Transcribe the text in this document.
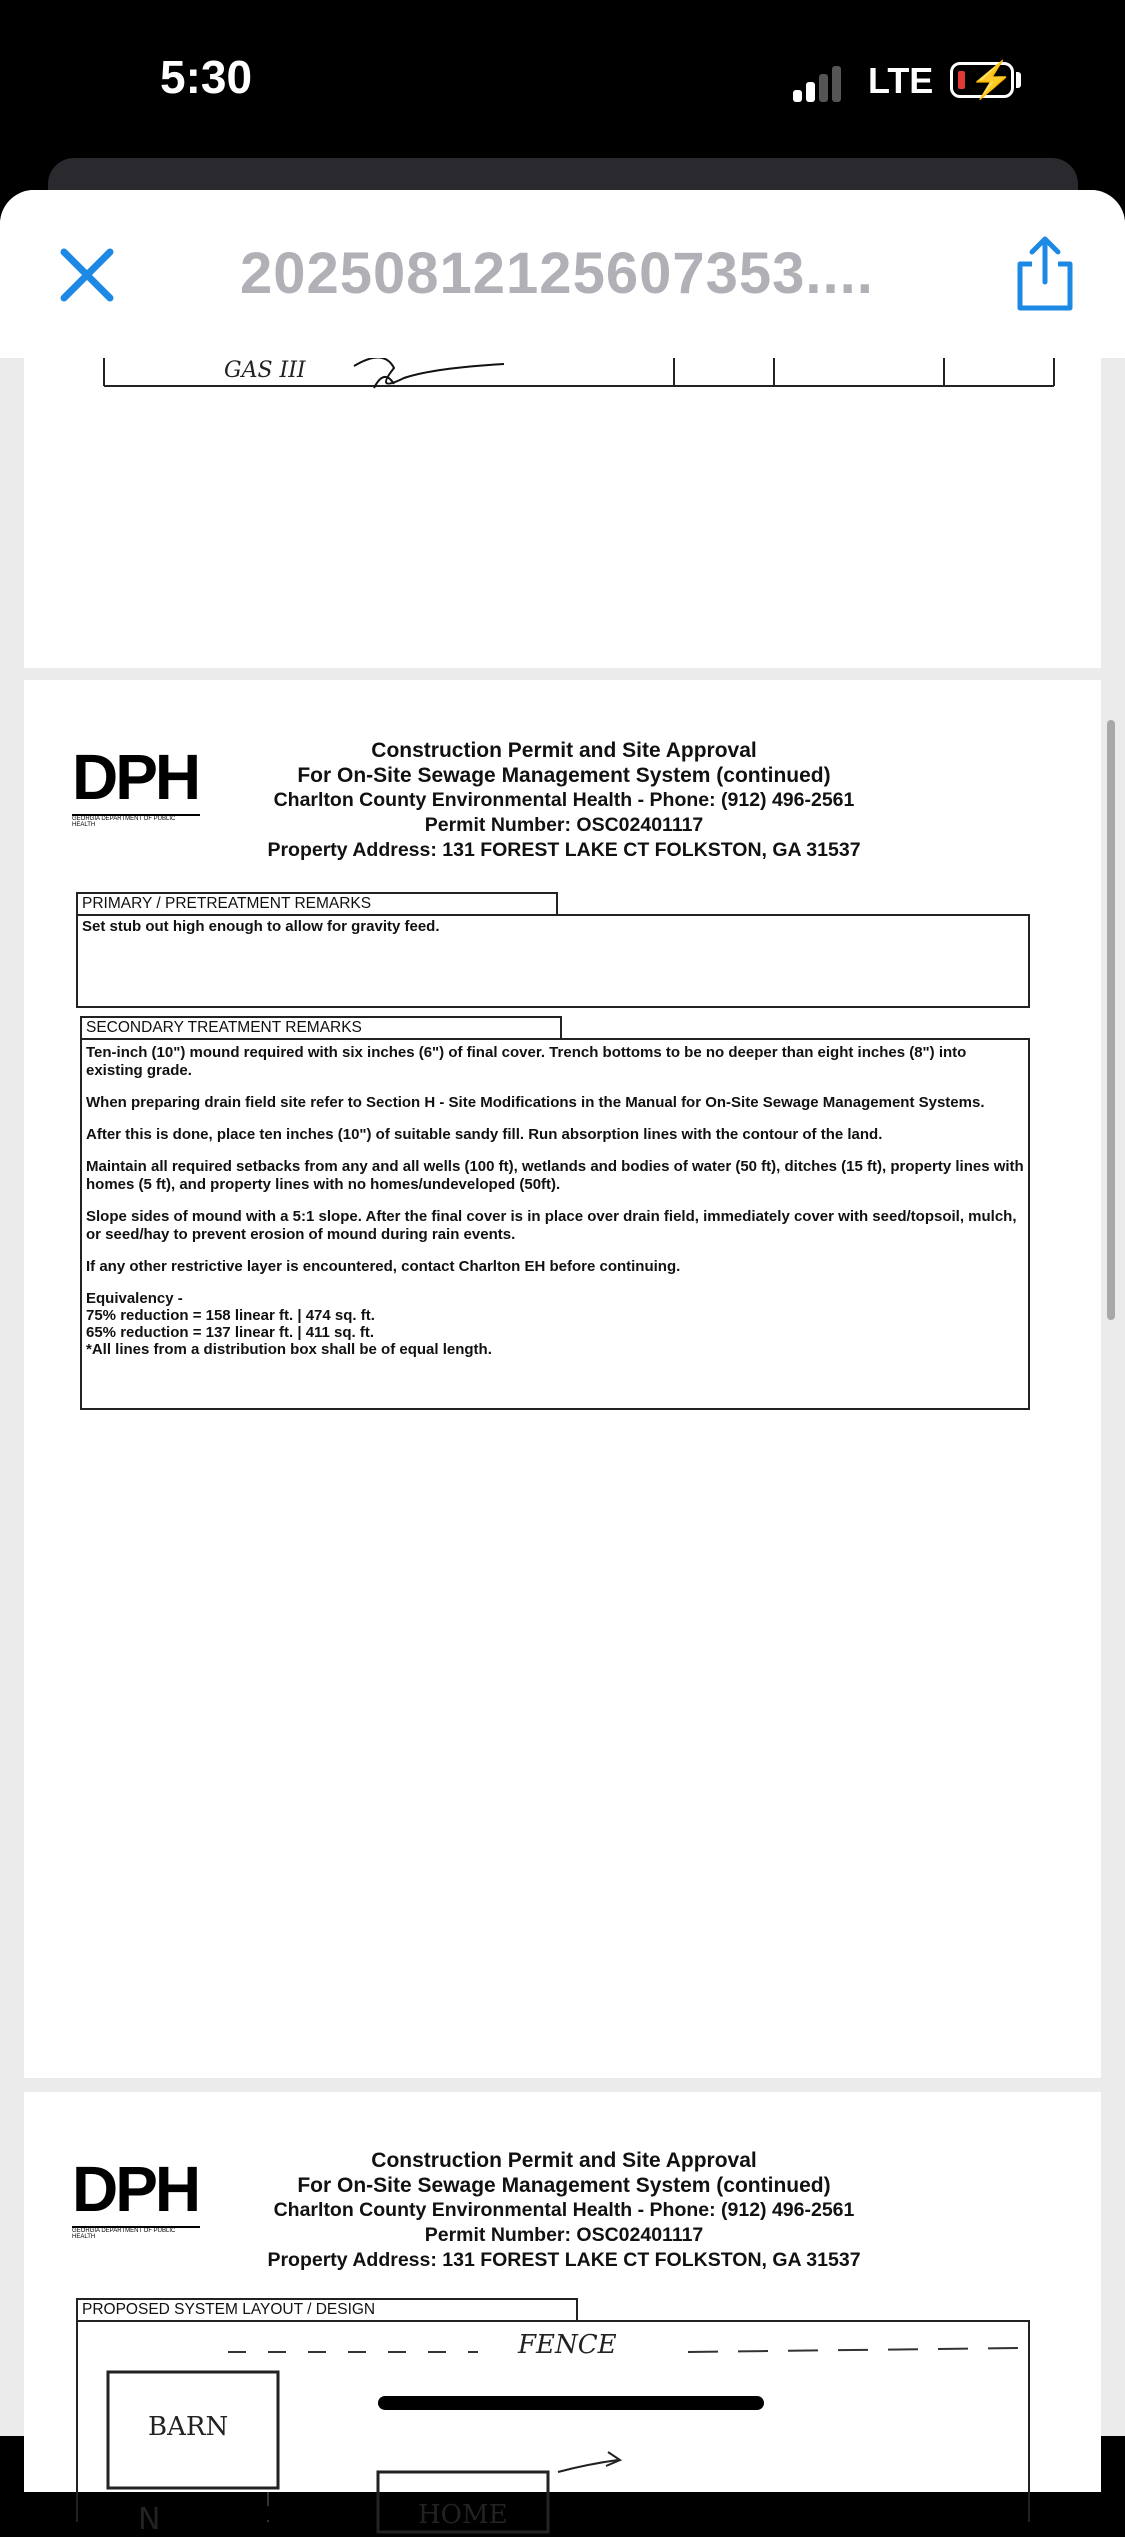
5:30	LTE ⚡
20250812125607353....
GAS III
DPH
GEORGIA DEPARTMENT OF PUBLIC HEALTH
Construction Permit and Site Approval
For On-Site Sewage Management System (continued)
Charlton County Environmental Health - Phone: (912) 496-2561
Permit Number: OSC02401117
Property Address: 131 FOREST LAKE CT FOLKSTON, GA 31537
PRIMARY / PRETREATMENT REMARKS
Set stub out high enough to allow for gravity feed.
SECONDARY TREATMENT REMARKS

Ten-inch (10") mound required with six inches (6") of final cover. Trench bottoms to be no deeper than eight inches (8") into existing grade.

When preparing drain field site refer to Section H - Site Modifications in the Manual for On-Site Sewage Management Systems.

After this is done, place ten inches (10") of suitable sandy fill. Run absorption lines with the contour of the land.

Maintain all required setbacks from any and all wells (100 ft), wetlands and bodies of water (50 ft), ditches (15 ft), property lines with homes (5 ft), and property lines with no homes/undeveloped (50ft).

Slope sides of mound with a 5:1 slope. After the final cover is in place over drain field, immediately cover with seed/topsoil, mulch, or seed/hay to prevent erosion of mound during rain events.

If any other restrictive layer is encountered, contact Charlton EH before continuing.

Equivalency -
75% reduction = 158 linear ft. | 474 sq. ft.
65% reduction = 137 linear ft. | 411 sq. ft.
*All lines from a distribution box shall be of equal length.
DPH
GEORGIA DEPARTMENT OF PUBLIC HEALTH
Construction Permit and Site Approval
For On-Site Sewage Management System (continued)
Charlton County Environmental Health - Phone: (912) 496-2561
Permit Number: OSC02401117
Property Address: 131 FOREST LAKE CT FOLKSTON, GA 31537
PROPOSED SYSTEM LAYOUT / DESIGN
FENCE
BARN
N	HOME
